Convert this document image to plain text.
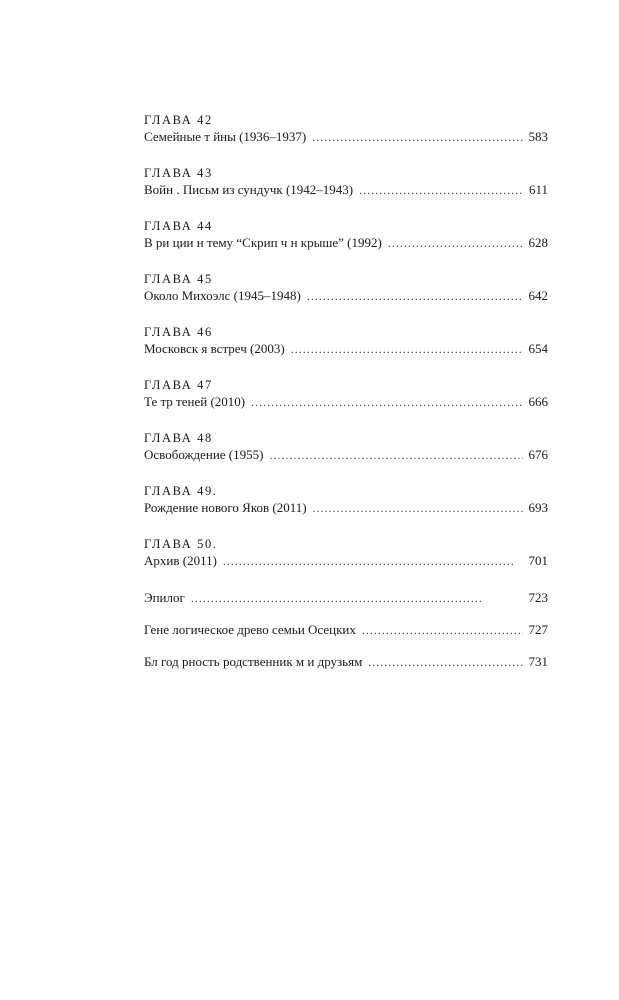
ГЛАВА 42
Семейные т йны (1936–1937) . . .	583
ГЛАВА 43
Войн . Письм из сундучк (1942–1943) . . .	611
ГЛАВА 44
В ри ции н тему “Скрип ч н крыше” (1992) . . .	628
ГЛАВА 45
Около Михоэлс (1945–1948) . . .	642
ГЛАВА 46
Московск я встреч (2003) . . .	654
ГЛАВА 47
Те тр теней (2010) . . .	666
ГЛАВА 48
Освобождение (1955) . . .	676
ГЛАВА 49.
Рождение нового Яков (2011) . . .	693
ГЛАВА 50.
Архив (2011) . . .	701
Эпилог . . .	723
Гене логическое древо семьи Осецких . . .	727
Бл год рность родственник м и друзьям . . .	731
